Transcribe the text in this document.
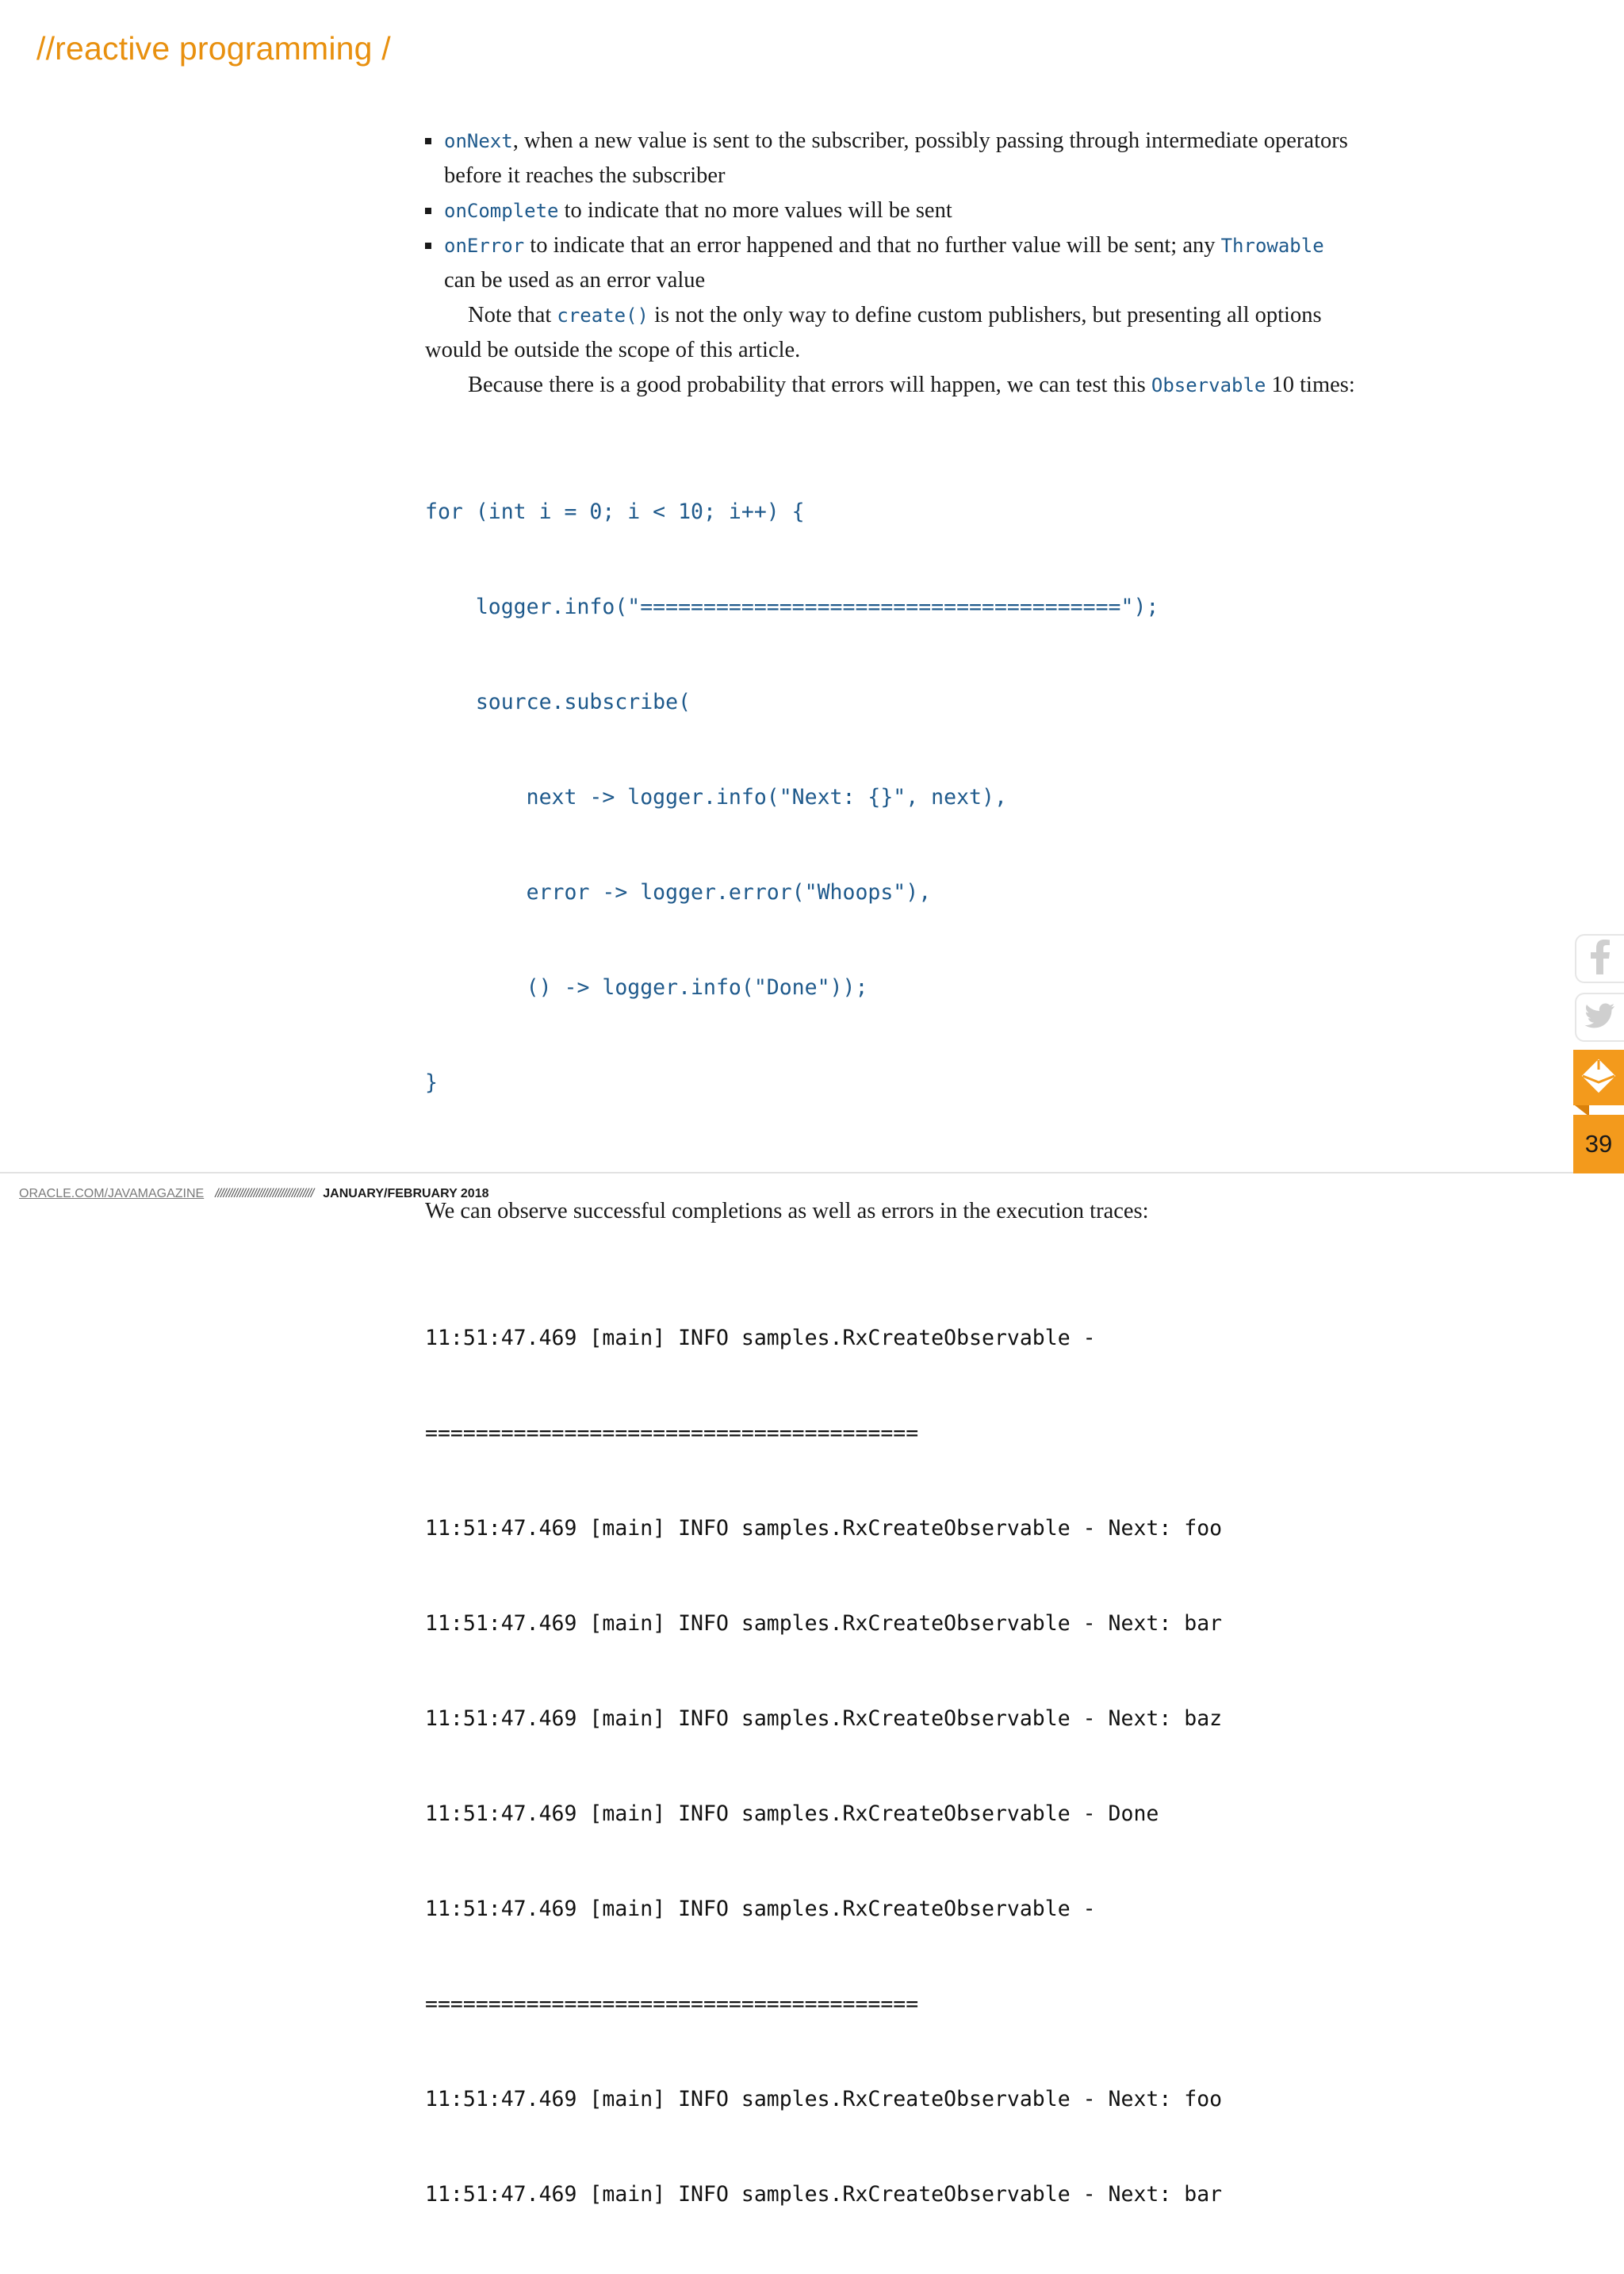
//reactive programming /
onNext, when a new value is sent to the subscriber, possibly passing through intermediate operators before it reaches the subscriber
onComplete to indicate that no more values will be sent
onError to indicate that an error happened and that no further value will be sent; any Throwable can be used as an error value

Note that create() is not the only way to define custom publishers, but presenting all options would be outside the scope of this article.

Because there is a good probability that errors will happen, we can test this Observable 10 times:

for (int i = 0; i < 10; i++) {

logger.info("======================================");

source.subscribe(

next -> logger.info("Next: {}", next),

error -> logger.error("Whoops"),

() -> logger.info("Done"));

}

We can observe successful completions as well as errors in the execution traces:

11:51:47.469 [main] INFO samples.RxCreateObservable -

=======================================

11:51:47.469 [main] INFO samples.RxCreateObservable - Next: foo

11:51:47.469 [main] INFO samples.RxCreateObservable - Next: bar

11:51:47.469 [main] INFO samples.RxCreateObservable - Next: baz

11:51:47.469 [main] INFO samples.RxCreateObservable - Done

11:51:47.469 [main] INFO samples.RxCreateObservable -

=======================================

11:51:47.469 [main] INFO samples.RxCreateObservable - Next: foo

11:51:47.469 [main] INFO samples.RxCreateObservable - Next: bar

39
ORACLE.COM/JAVAMAGAZINE //////////////////////////////////// JANUARY/FEBRUARY 2018
